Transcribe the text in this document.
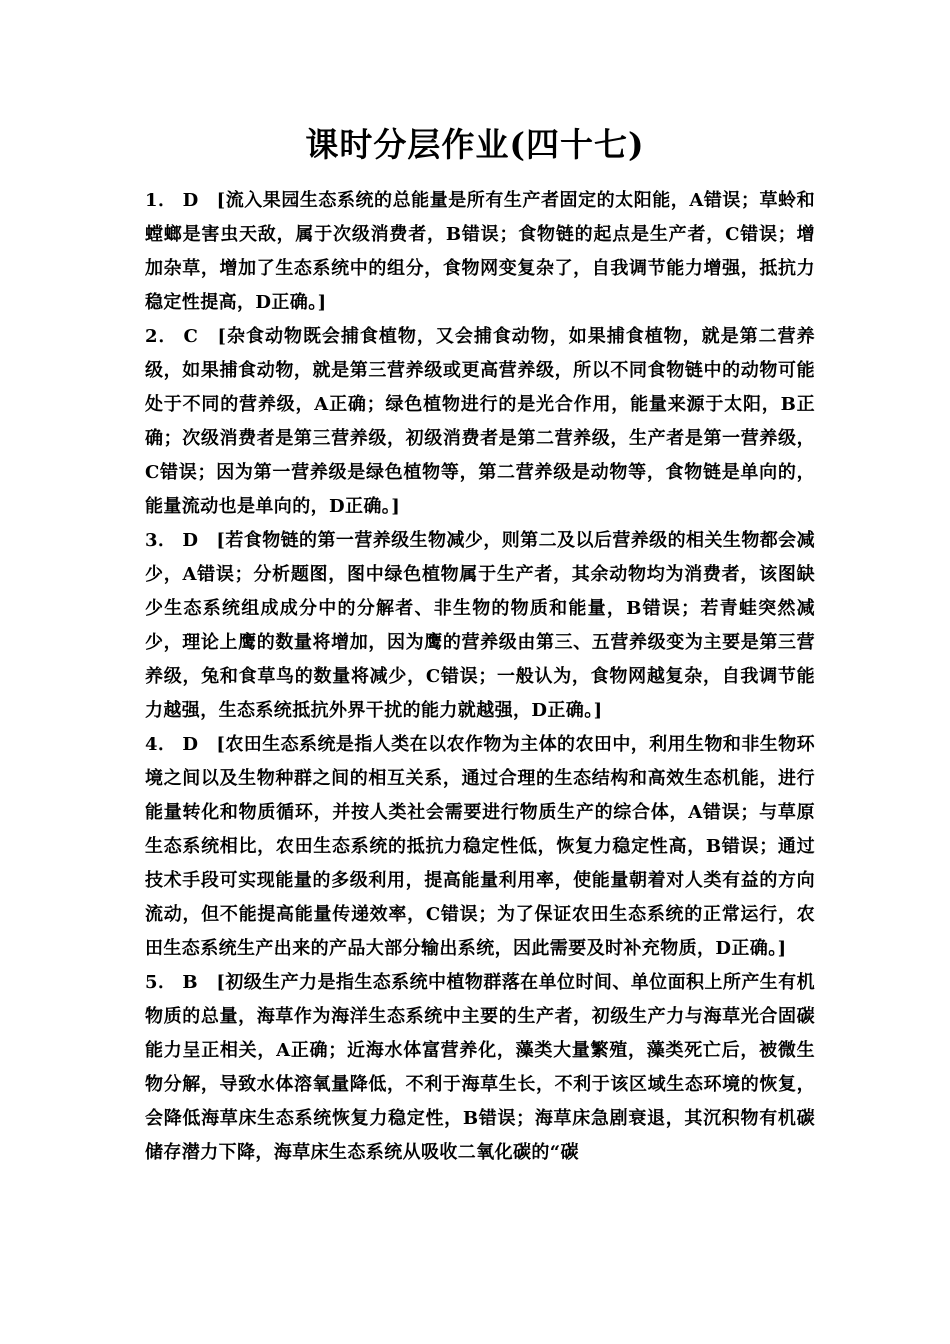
课时分层作业(四十七)

1． D [流入果园生态系统的总能量是所有生产者固定的太阳能，A错误；草蛉和螳螂是害虫天敌，属于次级消费者，B错误；食物链的起点是生产者，C错误；增加杂草，增加了生态系统中的组分，食物网变复杂了，自我调节能力增强，抵抗力稳定性提高，D正确。]

2． C [杂食动物既会捕食植物，又会捕食动物，如果捕食植物，就是第二营养级，如果捕食动物，就是第三营养级或更高营养级，所以不同食物链中的动物可能处于不同的营养级，A正确；绿色植物进行的是光合作用，能量来源于太阳，B正确；次级消费者是第三营养级，初级消费者是第二营养级，生产者是第一营养级，C错误；因为第一营养级是绿色植物等，第二营养级是动物等，食物链是单向的，能量流动也是单向的，D正确。]

3． D [若食物链的第一营养级生物减少，则第二及以后营养级的相关生物都会减少，A错误；分析题图，图中绿色植物属于生产者，其余动物均为消费者，该图缺少生态系统组成成分中的分解者、非生物的物质和能量，B错误；若青蛙突然减少，理论上鹰的数量将增加，因为鹰的营养级由第三、五营养级变为主要是第三营养级，兔和食草鸟的数量将减少，C错误；一般认为，食物网越复杂，自我调节能力越强，生态系统抵抗外界干扰的能力就越强，D正确。]

4． D [农田生态系统是指人类在以农作物为主体的农田中，利用生物和非生物环境之间以及生物种群之间的相互关系，通过合理的生态结构和高效生态机能，进行能量转化和物质循环，并按人类社会需要进行物质生产的综合体，A错误；与草原生态系统相比，农田生态系统的抵抗力稳定性低，恢复力稳定性高，B错误；通过技术手段可实现能量的多级利用，提高能量利用率，使能量朝着对人类有益的方向流动，但不能提高能量传递效率，C错误；为了保证农田生态系统的正常运行，农田生态系统生产出来的产品大部分输出系统，因此需要及时补充物质，D正确。]

5． B [初级生产力是指生态系统中植物群落在单位时间、单位面积上所产生有机物质的总量，海草作为海洋生态系统中主要的生产者，初级生产力与海草光合固碳能力呈正相关，A正确；近海水体富营养化，藻类大量繁殖，藻类死亡后，被微生物分解，导致水体溶氧量降低，不利于海草生长，不利于该区域生态环境的恢复，会降低海草床生态系统恢复力稳定性，B错误；海草床急剧衰退，其沉积物有机碳储存潜力下降，海草床生态系统从吸收二氧化碳的“碳
